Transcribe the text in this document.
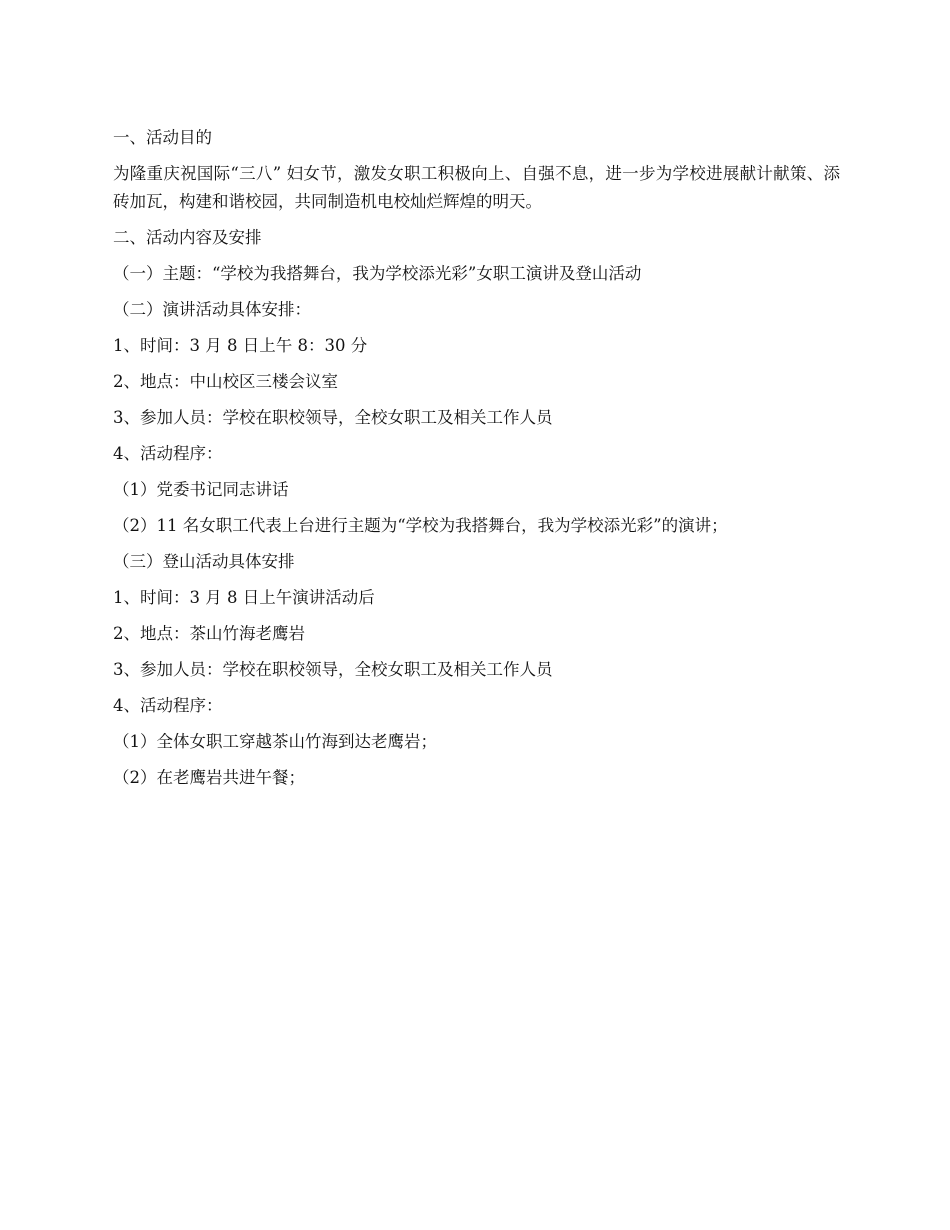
一、活动目的
为隆重庆祝国际“三八” 妇女节，激发女职工积极向上、自强不息，进一步为学校进展献计献策、添砖加瓦，构建和谐校园，共同制造机电校灿烂辉煌的明天。
二、活动内容及安排
（一）主题：“学校为我搭舞台，我为学校添光彩”女职工演讲及登山活动
（二）演讲活动具体安排：
1、时间：3 月 8 日上午 8：30 分
2、地点：中山校区三楼会议室
3、参加人员：学校在职校领导，全校女职工及相关工作人员
4、活动程序：
（1）党委书记同志讲话
（2）11 名女职工代表上台进行主题为“学校为我搭舞台，我为学校添光彩”的演讲；
（三）登山活动具体安排
1、时间：3 月 8 日上午演讲活动后
2、地点：茶山竹海老鹰岩
3、参加人员：学校在职校领导，全校女职工及相关工作人员
4、活动程序：
（1）全体女职工穿越茶山竹海到达老鹰岩；
（2）在老鹰岩共进午餐；
